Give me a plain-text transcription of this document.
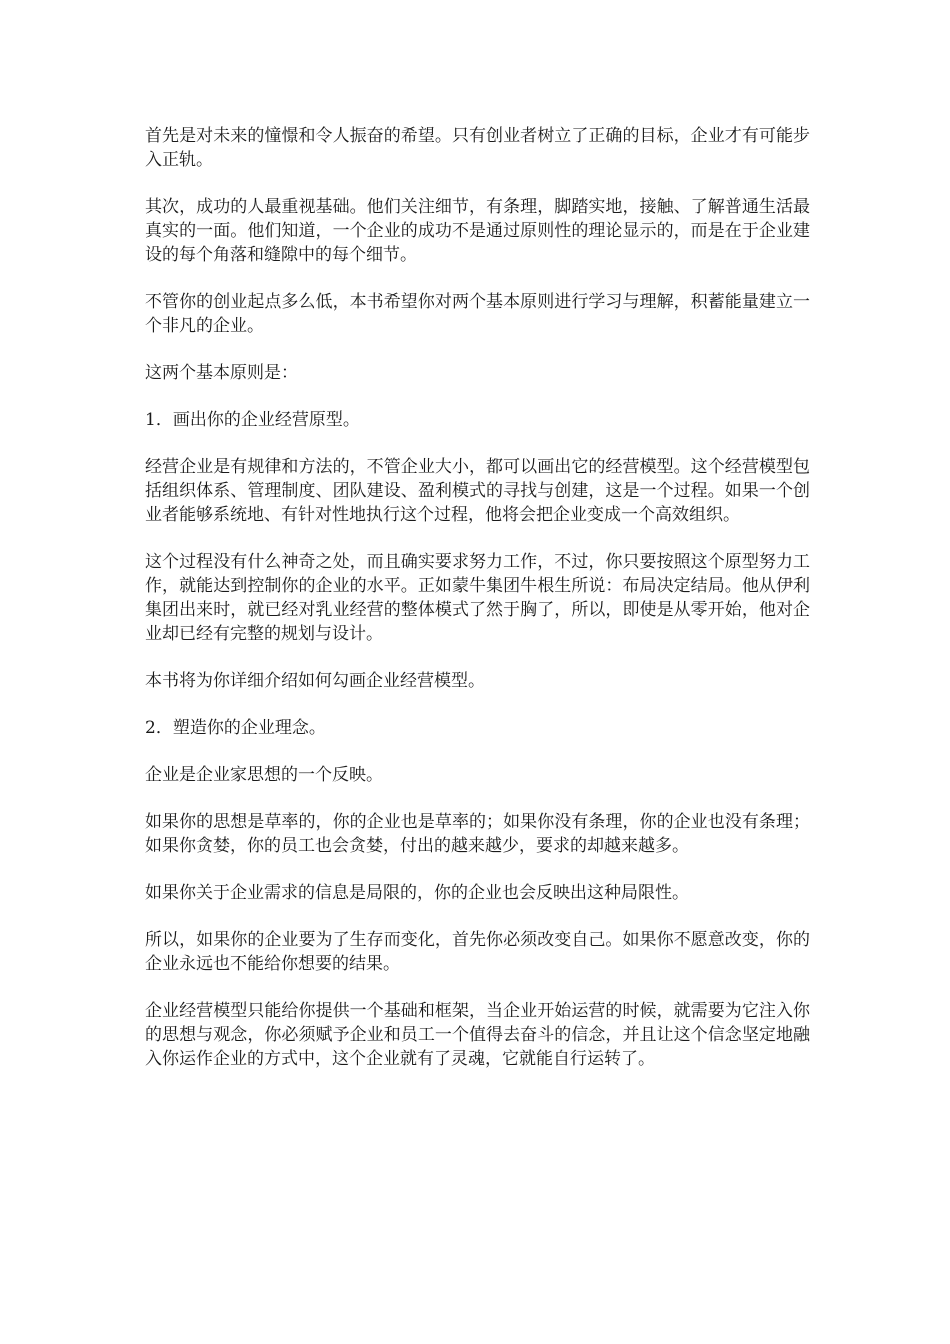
首先是对未来的憧憬和令人振奋的希望。只有创业者树立了正确的目标，企业才有可能步入正轨。

其次，成功的人最重视基础。他们关注细节，有条理，脚踏实地，接触、了解普通生活最真实的一面。他们知道，一个企业的成功不是通过原则性的理论显示的，而是在于企业建设的每个角落和缝隙中的每个细节。

不管你的创业起点多么低，本书希望你对两个基本原则进行学习与理解，积蓄能量建立一个非凡的企业。

这两个基本原则是：

1．画出你的企业经营原型。

经营企业是有规律和方法的，不管企业大小，都可以画出它的经营模型。这个经营模型包括组织体系、管理制度、团队建设、盈利模式的寻找与创建，这是一个过程。如果一个创业者能够系统地、有针对性地执行这个过程，他将会把企业变成一个高效组织。

这个过程没有什么神奇之处，而且确实要求努力工作，不过，你只要按照这个原型努力工作，就能达到控制你的企业的水平。正如蒙牛集团牛根生所说：布局决定结局。他从伊利集团出来时，就已经对乳业经营的整体模式了然于胸了，所以，即使是从零开始，他对企业却已经有完整的规划与设计。

本书将为你详细介绍如何勾画企业经营模型。

2．塑造你的企业理念。

企业是企业家思想的一个反映。

如果你的思想是草率的，你的企业也是草率的；如果你没有条理，你的企业也没有条理；如果你贪婪，你的员工也会贪婪，付出的越来越少，要求的却越来越多。

如果你关于企业需求的信息是局限的，你的企业也会反映出这种局限性。

所以，如果你的企业要为了生存而变化，首先你必须改变自己。如果你不愿意改变，你的企业永远也不能给你想要的结果。

企业经营模型只能给你提供一个基础和框架，当企业开始运营的时候，就需要为它注入你的思想与观念，你必须赋予企业和员工一个值得去奋斗的信念，并且让这个信念坚定地融入你运作企业的方式中，这个企业就有了灵魂，它就能自行运转了。
